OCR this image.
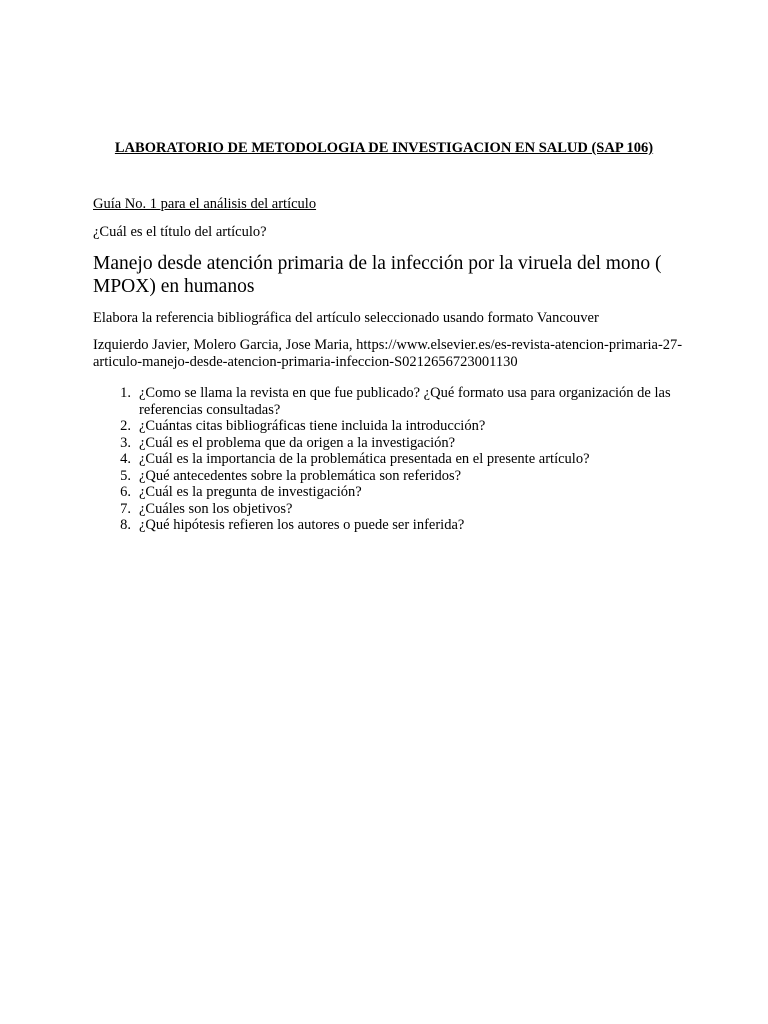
LABORATORIO DE METODOLOGIA DE INVESTIGACION EN SALUD (SAP 106)

Guía No. 1 para el análisis del artículo

¿Cuál es el título del artículo?

Manejo desde atención primaria de la infección por la viruela del mono ( MPOX) en humanos

Elabora la referencia bibliográfica del artículo seleccionado usando formato Vancouver

Izquierdo Javier, Molero Garcia, Jose Maria, https://www.elsevier.es/es-revista-atencion-primaria-27-articulo-manejo-desde-atencion-primaria-infeccion-S0212656723001130

1. ¿Como se llama la revista en que fue publicado? ¿Qué formato usa para organización de las referencias consultadas?
2. ¿Cuántas citas bibliográficas tiene incluida la introducción?
3. ¿Cuál es el problema que da origen a la investigación?
4. ¿Cuál es la importancia de la problemática presentada en el presente artículo?
5. ¿Qué antecedentes sobre la problemática son referidos?
6. ¿Cuál es la pregunta de investigación?
7. ¿Cuáles son los objetivos?
8. ¿Qué hipótesis refieren los autores o puede ser inferida?
